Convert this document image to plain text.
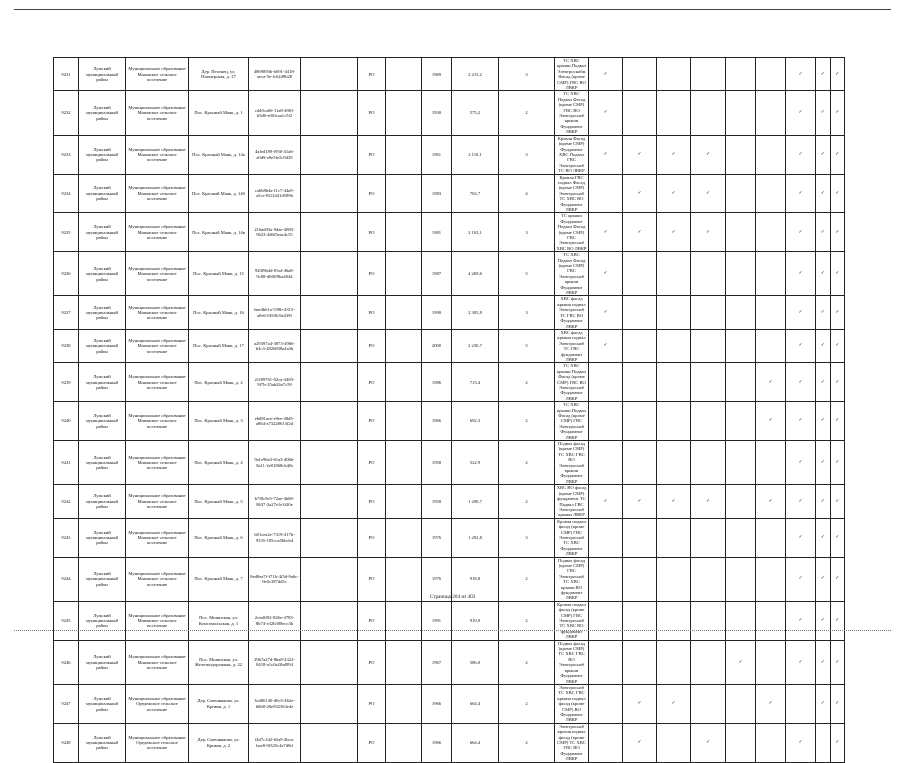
9231	Лужский муниципальный район	Муниципальное образование Мшинское сельское поселение	Дер. Пехенец, ул. Пионерская, д. 27	4869893b-b091-4418-aeca-5e-fc62d9b28		РО		1969	2 215,2	3	ТС ХВС крыши Подвал Электроснабж Фасад (кроме СМР) ГВС ВО ЛВКР	✓						✓	✓	✓
9232	Лужский муниципальный район	Муниципальное образование Мшинское сельское поселение	Пос. Красный Маяк, д. 1	cd40ca66-11a8-49f0-b5d6-e0f0caa1c5f2		РО		1930	575,2	2	ТС ХВС Подвал Фасад (кроме СМР) ГВС ВО Электроснаб крыши Фундамент ЛВКР	✓						✓	✓	✓
9233	Лужский муниципальный район	Муниципальное образование Мшинское сельское поселение	Пос. Красный Маяк, д. 14а	4afed189-f930-41a6-a0d9-e0e5fe5c9d29		РО		1961	2 110,1	3	Кровля Фасад (кроме СМР) Фундамент ХВС Подвал ГВС Электроснаб ТС ВО ЛВКР	✓	✓	✓	✓			✓	✓	✓
9234	Лужский муниципальный район	Муниципальное образование Мшинское сельское поселение	Пос. Красный Маяк, д. 14б	ca6b8b4a-f1c7-44a9-a5ce-8f12441d589b		РО		1983	702,7	4	Кровля ГВС подвал Фасад (кроме СМР) Электроснаб ТС ХВС ВО Фундамент ЛВКР		✓	✓	✓			✓	✓	✓
9235	Лужский муниципальный район	Муниципальное образование Мшинское сельское поселение	Пос. Красный Маяк, д. 14в	216ad03a-9dae-4805-9623-4d6f5eac4c55		РО		1981	2 102,1	3	ТС крыши Фундамент Подвал Фасад (кроме СМР) ГВС Электроснаб ХВС ВО ЛВКР	✓	✓	✓	✓			✓	✓	✓
9236	Лужский муниципальный район	Муниципальное образование Мшинское сельское поселение	Пос. Красный Маяк, д. 15	920f9b4d-03af-46a8-9c88-d0f0f9ba4044		РО		1987	4 269,6	5	ТС ХВС Подвал Фасад (кроме СМР) ГВС Электроснаб крыши Фундамент ЛВКР	✓						✓	✓	✓
9237	Лужский муниципальный район	Муниципальное образование Мшинское сельское поселение	Пос. Красный Маяк, д. 16	bae4b61a-539b-4315-a0e6-0f5f0c9a439f		РО		1990	2 305,8	3	ХВС фасад крыши подвал Электроснаб ТС ГВС ВО Фундамент ЛВКР	✓						✓	✓	✓
9238	Лужский муниципальный район	Муниципальное образование Мшинское сельское поселение	Пос. Красный Маяк, д. 17	a29397a4-3873-4966-b3c3-4826838a4a3b		РО		2000	2 230,7	5	ХВС фасад крыши подвал Электроснаб ТС ГВС фундамент ЛВКР	✓						✓	✓	✓
9239	Лужский муниципальный район	Муниципальное образование Мшинское сельское поселение	Пос. Красный Маяк, д. 2	21f89761-02ca-4483-9f7b-25ab26a7c59		РО		1986	713,4	2	ТС ХВС крыши Подвал Фасад (кроме СМР) ГВС ВО Электроснаб Фундамент ЛВКР						✓	✓	✓	✓
9240	Лужский муниципальный район	Муниципальное образование Мшинское сельское поселение	Пос. Красный Маяк, д. 3	eb081ace-e9ee-48d5-a864-a73228613f2d		РО		1966	692,3	2	ТС ХВС крыши Подвал Фасад (кроме СМР) ГВС Электроснаб Фундамент ЛВКР						✓	✓	✓	✓
9241	Лужский муниципальный район	Муниципальное образование Мшинское сельское поселение	Пос. Красный Маяк, д. 4	9a1e96a3-61a3-406b-8a11-2e01868cb4fb		РО		1958	522,9	2	Подвал фасад (кроме СМР) ТС ХВС ГВС ВО Электроснаб крыши Фундамент ЛВКР							✓	✓	✓
9242	Лужский муниципальный район	Муниципальное образование Мшинское сельское поселение	Пос. Красный Маяк, д. 5	b7f0c9e5-72ae-4b68-8637-2a27e1e3f20e		РО		1958	1 290,7	2	ХВС ВО фасад (кроме СМР) фундамент ТС Подвал ГВС Электроснаб крыши ЛВКР	✓	✓	✓	✓		✓	✓	✓	✓
9243	Лужский муниципальный район	Муниципальное образование Мшинское сельское поселение	Пос. Красный Маяк, д. 6	b01cea2e-7319-417b-9335-185cca56bcb4		РО		1976	1 292,8	3	Кровля подвал фасад (кроме СМР) ГВС Электроснаб ТС ХВС Фундамент ЛВКР							✓	✓	✓
9244	Лужский муниципальный район	Муниципальное образование Мшинское сельское поселение	Пос. Красный Маяк, д. 7	8ed8ea7f-f71b-4f3d-9a6c-0e0c387dd5c		РО		1976	918,8	2	Подвал фасад (кроме СМР) ГВС Электроснаб ТС ХВС крыши ВО фундамент ЛВКР							✓	✓	✓
9245	Лужский муниципальный район	Муниципальное образование Мшинское сельское поселение	Пос. Мшинская, ул. Комсомольская, д. 1	2cea8f92-826e-4783-8b74-e32b308ecc3b		РО		1991	910,9	2	Кровля подвал фасад (кроме СМР) ГВС Электроснаб ТС ХВС ВО фундамент ЛВКР							✓	✓	✓
9246	Лужский муниципальный район	Муниципальное образование Мшинское сельское поселение	Пос. Мшинская, ул. Железнодорожная, д. 22	29b7a27d-8ba8-4322-8418-a1c0a2fbd994		РО		1967	586,0	2	Подвал фасад (кроме СМР) ТС ХВС ГВС ВО Электроснаб крыши Фундамент ЛВКР					✓		✓	✓	✓
9247	Лужский муниципальный район	Муниципальное образование Оредежское сельское поселение	Дер. Смешнякова, ул. Кривая, д. 1	3cd06140-d0c5-462e-b6b8-20e932363e4e		РО		1966	664,4	2	Электроснаб ТС ХВС ГВС крыши подвал фасад (кроме СМР) ВО Фундамент ЛВКР		✓	✓			✓		✓	✓
9248	Лужский муниципальный район	Муниципальное образование Оредежское сельское поселение	Дер. Смешнякова, ул. Кривая, д. 2	f4d7c1d2-b5a9-4bca-bae8-0f325c4e7d8d		РО		1966	664,4	2	Электроснаб кровля подвал фасад (кроме СМР) ТС ХВС ГВС ВО Фундамент ЛВКР		✓		✓			✓		✓
Страница 204 из 403
